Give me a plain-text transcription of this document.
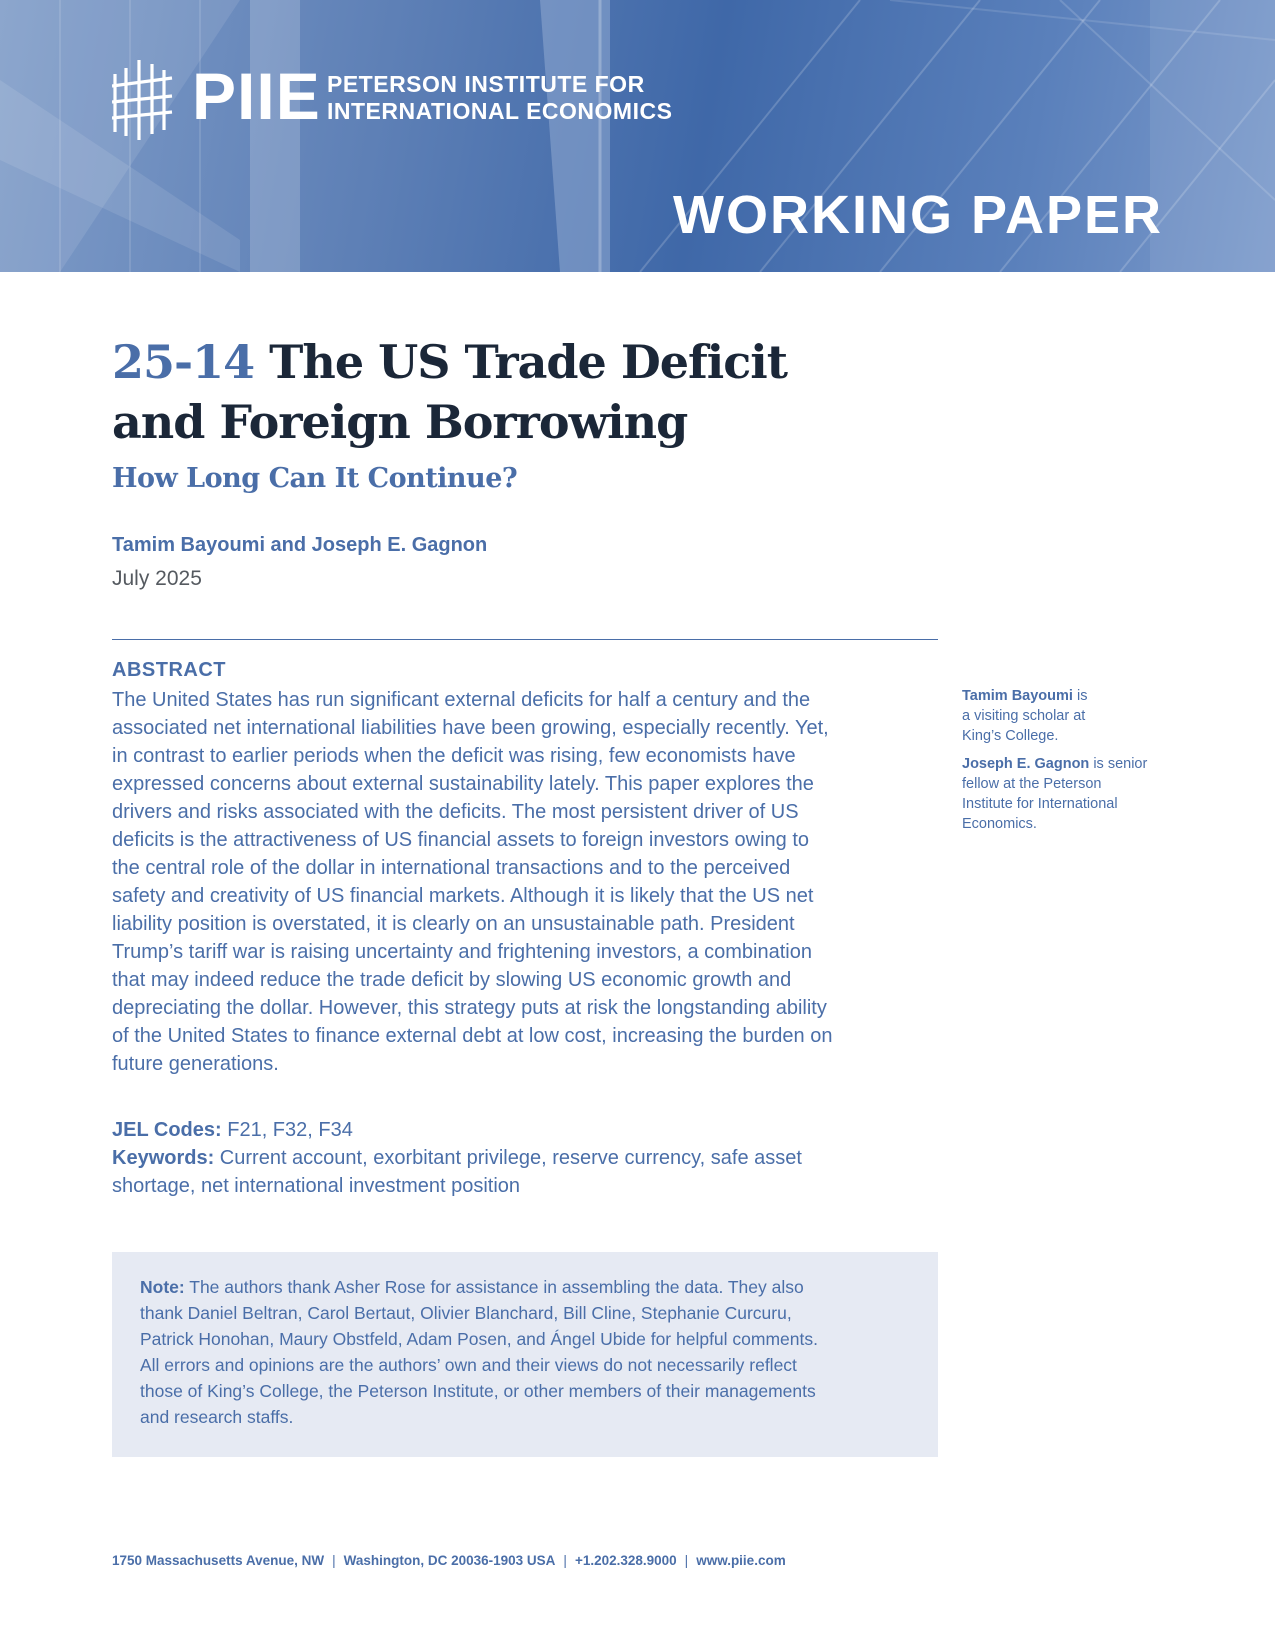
PIIE PETERSON INSTITUTE FOR
INTERNATIONAL ECONOMICS
WORKING PAPER
25-14 The US Trade Deficit and Foreign Borrowing
How Long Can It Continue?
Tamim Bayoumi and Joseph E. Gagnon
July 2025
ABSTRACT
The United States has run significant external deficits for half a century and the
associated net international liabilities have been growing, especially recently. Yet,
in contrast to earlier periods when the deficit was rising, few economists have
expressed concerns about external sustainability lately. This paper explores the
drivers and risks associated with the deficits. The most persistent driver of US
deficits is the attractiveness of US financial assets to foreign investors owing to
the central role of the dollar in international transactions and to the perceived
safety and creativity of US financial markets. Although it is likely that the US net
liability position is overstated, it is clearly on an unsustainable path. President
Trump’s tariff war is raising uncertainty and frightening investors, a combination
that may indeed reduce the trade deficit by slowing US economic growth and
depreciating the dollar. However, this strategy puts at risk the longstanding ability
of the United States to finance external debt at low cost, increasing the burden on
future generations.
JEL Codes: F21, F32, F34
Keywords: Current account, exorbitant privilege, reserve currency, safe asset
shortage, net international investment position
Note: The authors thank Asher Rose for assistance in assembling the data. They also
thank Daniel Beltran, Carol Bertaut, Olivier Blanchard, Bill Cline, Stephanie Curcuru,
Patrick Honohan, Maury Obstfeld, Adam Posen, and Ángel Ubide for helpful comments.
All errors and opinions are the authors’ own and their views do not necessarily reflect
those of King’s College, the Peterson Institute, or other members of their managements
and research staffs.
Tamim Bayoumi is
a visiting scholar at
King’s College.
Joseph E. Gagnon is senior
fellow at the Peterson
Institute for International
Economics.
1750 Massachusetts Avenue, NW | Washington, DC 20036-1903 USA | +1.202.328.9000 | www.piie.com
